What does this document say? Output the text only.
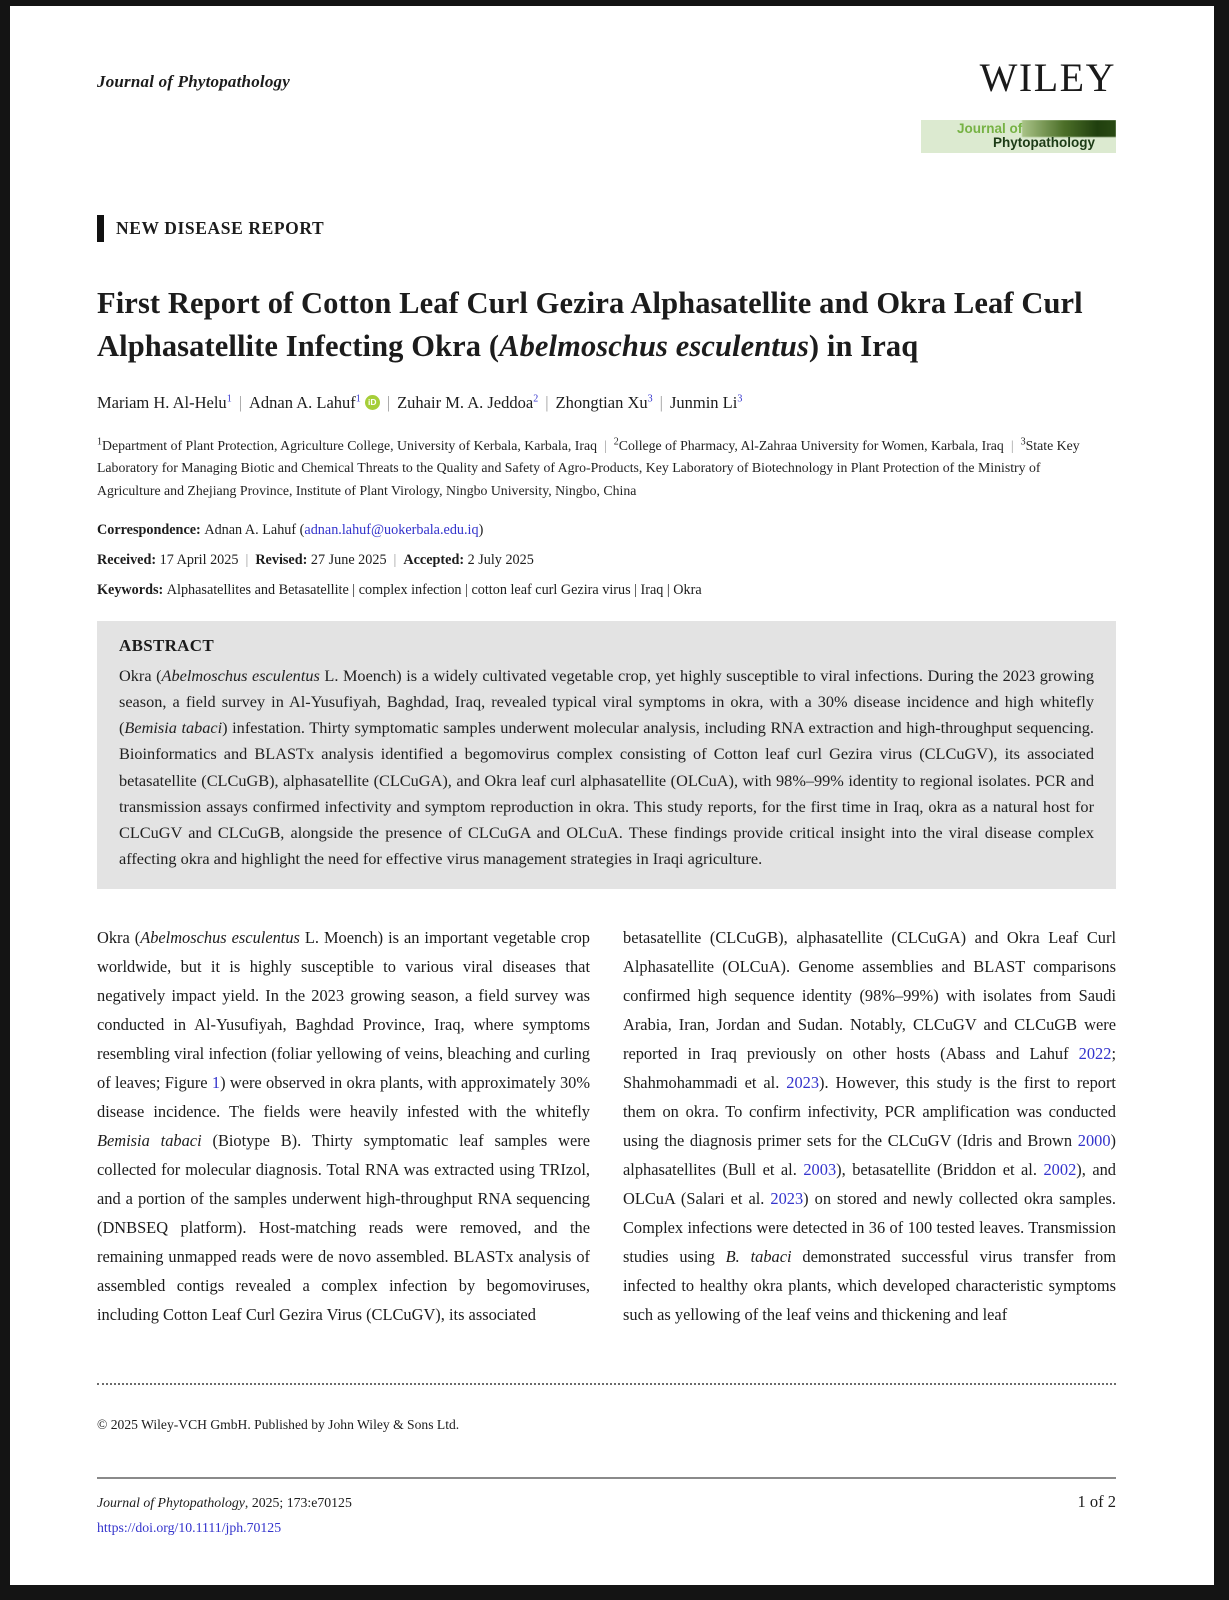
Journal of Phytopathology	WILEY
Journal of
Phytopathology
NEW DISEASE REPORT
First Report of Cotton Leaf Curl Gezira Alphasatellite and Okra Leaf Curl Alphasatellite Infecting Okra (Abelmoschus esculentus) in Iraq
Mariam H. Al-Helu$^1$ | Adnan A. Lahuf$^1$ iD | Zuhair M. A. Jeddoa$^2$ | Zhongtian Xu$^3$ | Junmin Li$^3$
$^1$Department of Plant Protection, Agriculture College, University of Kerbala, Karbala, Iraq | $^2$College of Pharmacy, Al-Zahraa University for Women, Karbala, Iraq | $^3$State Key Laboratory for Managing Biotic and Chemical Threats to the Quality and Safety of Agro-Products, Key Laboratory of Biotechnology in Plant Protection of the Ministry of Agriculture and Zhejiang Province, Institute of Plant Virology, Ningbo University, Ningbo, China
Correspondence: Adnan A. Lahuf (adnan.lahuf@uokerbala.edu.iq)
Received: 17 April 2025 | Revised: 27 June 2025 | Accepted: 2 July 2025
Keywords: Alphasatellites and Betasatellite | complex infection | cotton leaf curl Gezira virus | Iraq | Okra
ABSTRACT
Okra (Abelmoschus esculentus L. Moench) is a widely cultivated vegetable crop, yet highly susceptible to viral infections. During the 2023 growing season, a field survey in Al-Yusufiyah, Baghdad, Iraq, revealed typical viral symptoms in okra, with a 30% disease incidence and high whitefly (Bemisia tabaci) infestation. Thirty symptomatic samples underwent molecular analysis, including RNA extraction and high-throughput sequencing. Bioinformatics and BLASTx analysis identified a begomovirus complex consisting of Cotton leaf curl Gezira virus (CLCuGV), its associated betasatellite (CLCuGB), alphasatellite (CLCuGA), and Okra leaf curl alphasatellite (OLCuA), with 98%–99% identity to regional isolates. PCR and transmission assays confirmed infectivity and symptom reproduction in okra. This study reports, for the first time in Iraq, okra as a natural host for CLCuGV and CLCuGB, alongside the presence of CLCuGA and OLCuA. These findings provide critical insight into the viral disease complex affecting okra and highlight the need for effective virus management strategies in Iraqi agriculture.
Okra (Abelmoschus esculentus L. Moench) is an important vegetable crop worldwide, but it is highly susceptible to various viral diseases that negatively impact yield. In the 2023 growing season, a field survey was conducted in Al-Yusufiyah, Baghdad Province, Iraq, where symptoms resembling viral infection (foliar yellowing of veins, bleaching and curling of leaves; Figure 1) were observed in okra plants, with approximately 30% disease incidence. The fields were heavily infested with the whitefly Bemisia tabaci (Biotype B). Thirty symptomatic leaf samples were collected for molecular diagnosis. Total RNA was extracted using TRIzol, and a portion of the samples underwent high-throughput RNA sequencing (DNBSEQ platform). Host-matching reads were removed, and the remaining unmapped reads were de novo assembled. BLASTx analysis of assembled contigs revealed a complex infection by begomoviruses, including Cotton Leaf Curl Gezira Virus (CLCuGV), its associated
betasatellite (CLCuGB), alphasatellite (CLCuGA) and Okra Leaf Curl Alphasatellite (OLCuA). Genome assemblies and BLAST comparisons confirmed high sequence identity (98%–99%) with isolates from Saudi Arabia, Iran, Jordan and Sudan. Notably, CLCuGV and CLCuGB were reported in Iraq previously on other hosts (Abass and Lahuf 2022; Shahmohammadi et al. 2023). However, this study is the first to report them on okra. To confirm infectivity, PCR amplification was conducted using the diagnosis primer sets for the CLCuGV (Idris and Brown 2000) alphasatellites (Bull et al. 2003), betasatellite (Briddon et al. 2002), and OLCuA (Salari et al. 2023) on stored and newly collected okra samples. Complex infections were detected in 36 of 100 tested leaves. Transmission studies using B. tabaci demonstrated successful virus transfer from infected to healthy okra plants, which developed characteristic symptoms such as yellowing of the leaf veins and thickening and leaf
© 2025 Wiley-VCH GmbH. Published by John Wiley & Sons Ltd.
Journal of Phytopathology, 2025; 173:e70125
https://doi.org/10.1111/jph.70125
1 of 2
